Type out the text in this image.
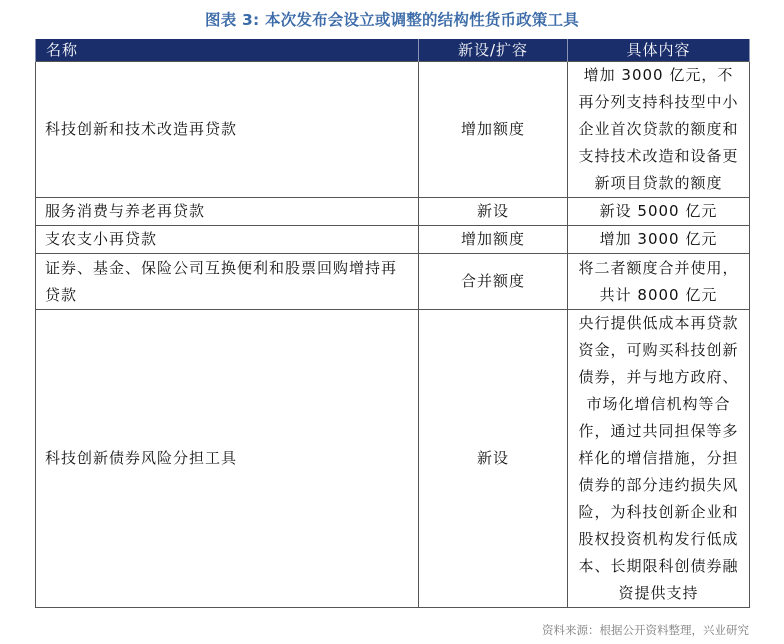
图表 3: 本次发布会设立或调整的结构性货币政策工具
名称	新设/扩容	具体内容
科技创新和技术改造再贷款	增加额度	增加 3000 亿元，不再分列支持科技型中小企业首次贷款的额度和支持技术改造和设备更新项目贷款的额度
服务消费与养老再贷款	新设	新设 5000 亿元
支农支小再贷款	增加额度	增加 3000 亿元
证券、基金、保险公司互换便利和股票回购增持再贷款	合并额度	将二者额度合并使用，共计 8000 亿元
科技创新债券风险分担工具	新设	央行提供低成本再贷款资金，可购买科技创新债券，并与地方政府、市场化增信机构等合作，通过共同担保等多样化的增信措施，分担债券的部分违约损失风险，为科技创新企业和股权投资机构发行低成本、长期限科创债券融资提供支持
资料来源：根据公开资料整理，兴业研究
